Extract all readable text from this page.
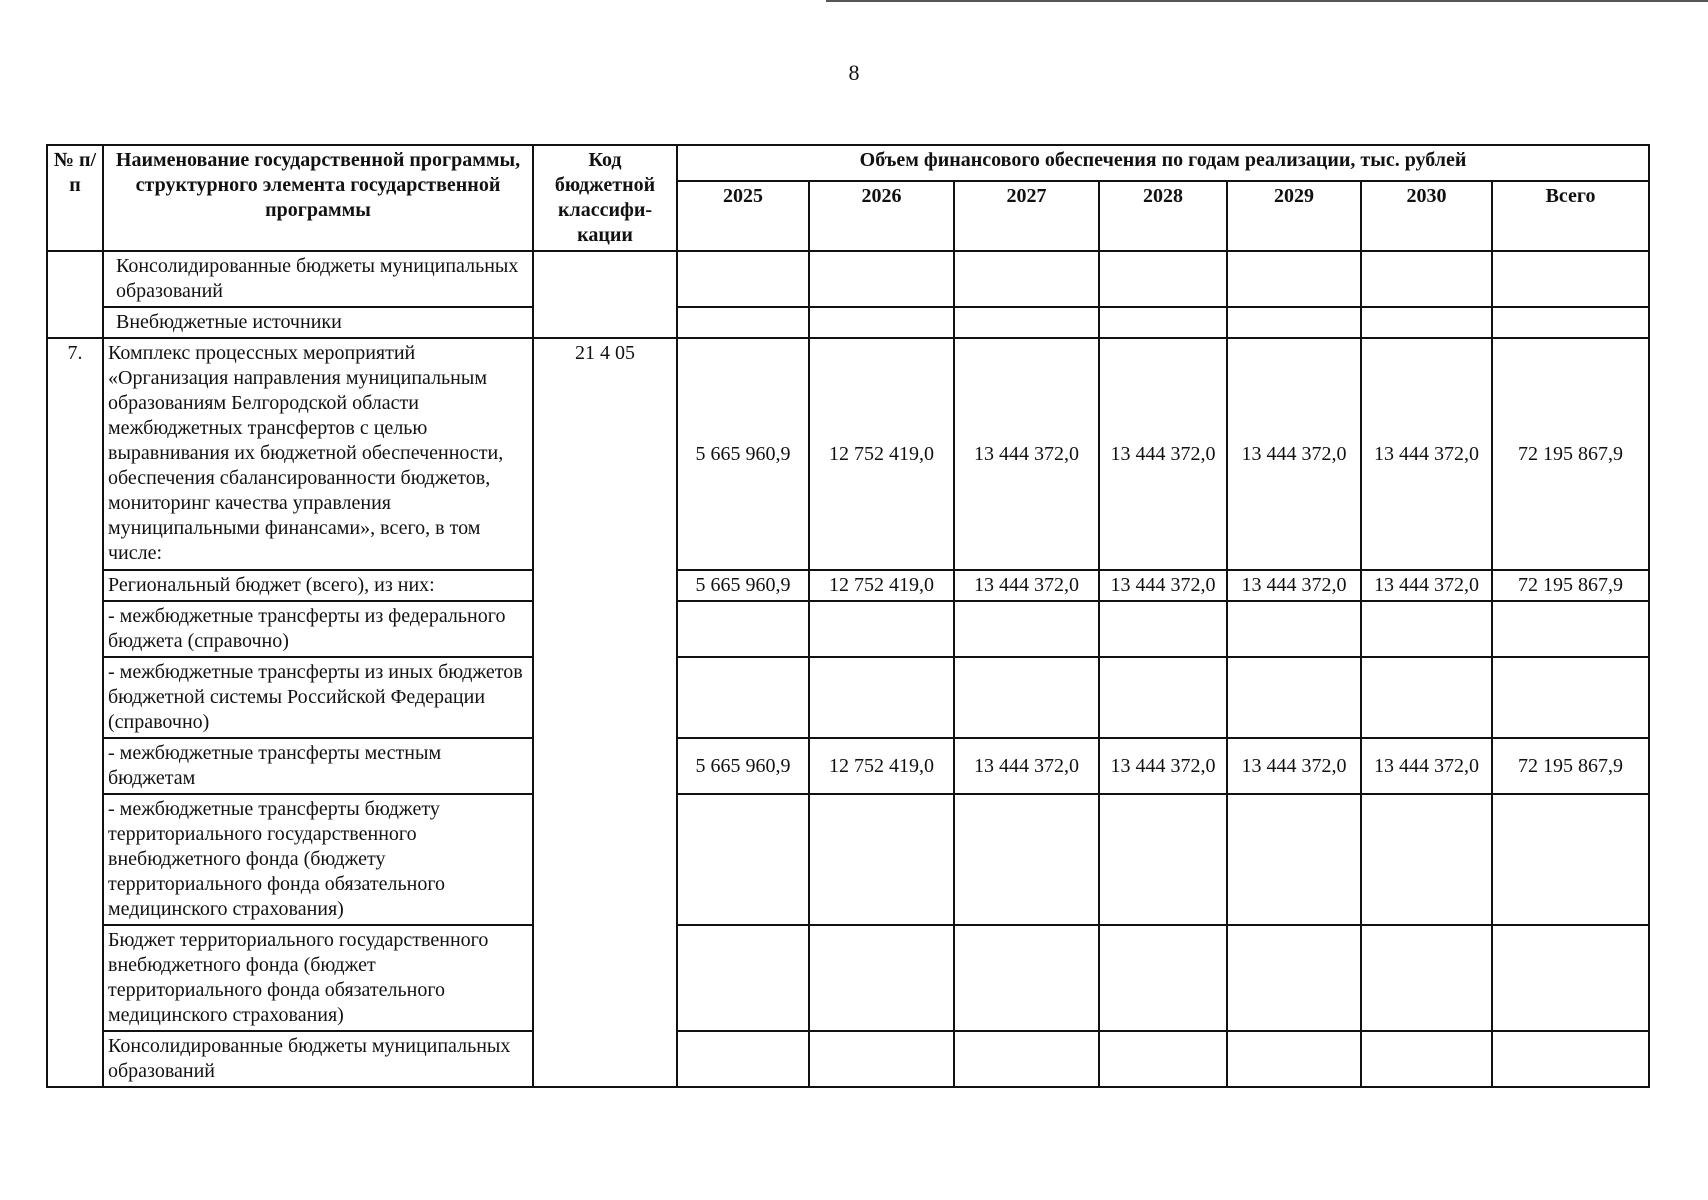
8
№ п/п	Наименование государственной программы, структурного элемента государственной программы	Код бюджетной классифи-кации	Объем финансового обеспечения по годам реализации, тыс. рублей						
			2025	2026	2027	2028	2029	2030	Всего
	Консолидированные бюджеты муниципальных образований								
	Внебюджетные источники								
7.	Комплекс процессных мероприятий «Организация направления муниципальным образованиям Белгородской области межбюджетных трансфертов с целью выравнивания их бюджетной обеспеченности, обеспечения сбалансированности бюджетов, мониторинг качества управления муниципальными финансами», всего, в том числе:	21 4 05	5 665 960,9	12 752 419,0	13 444 372,0	13 444 372,0	13 444 372,0	13 444 372,0	72 195 867,9
	Региональный бюджет (всего), из них:		5 665 960,9	12 752 419,0	13 444 372,0	13 444 372,0	13 444 372,0	13 444 372,0	72 195 867,9
	- межбюджетные трансферты из федерального бюджета (справочно)								
	- межбюджетные трансферты из иных бюджетов бюджетной системы Российской Федерации (справочно)								
	- межбюджетные трансферты местным бюджетам		5 665 960,9	12 752 419,0	13 444 372,0	13 444 372,0	13 444 372,0	13 444 372,0	72 195 867,9
	- межбюджетные трансферты бюджету территориального государственного внебюджетного фонда (бюджету территориального фонда обязательного медицинского страхования)								
	Бюджет территориального государственного внебюджетного фонда (бюджет территориального фонда обязательного медицинского страхования)								
	Консолидированные бюджеты муниципальных образований								
